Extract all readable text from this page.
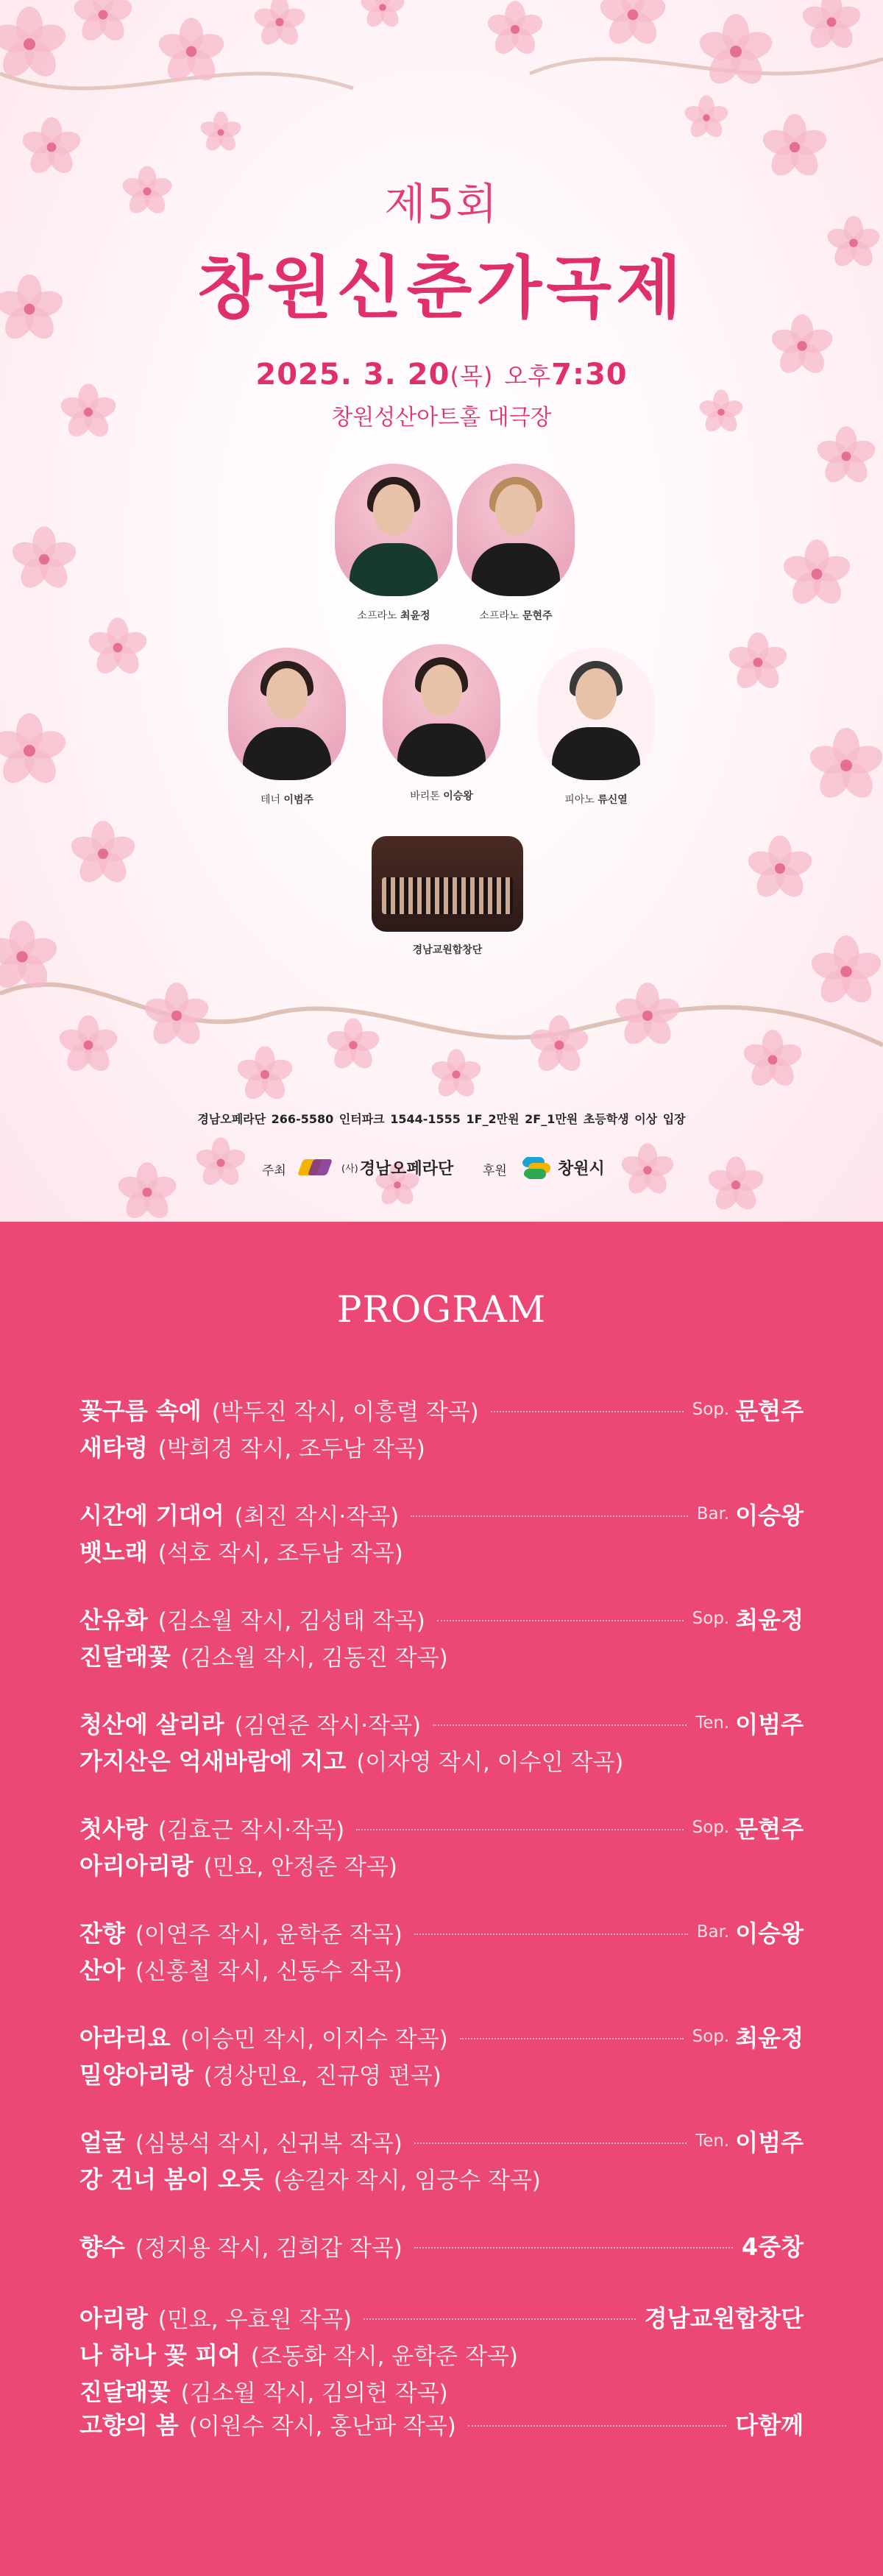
제5회
창원신춘가곡제
2025. 3. 20(목) 오후7:30
창원성산아트홀 대극장
소프라노 최윤정	소프라노 문현주
테너 이범주	바리톤 이승왕	피아노 류신열
경남교원합창단
경남오페라단 266-5580 인터파크 1544-1555 1F_2만원 2F_1만원 초등학생 이상 입장
주최	(사) 경남오페라단 후원	창원시
PROGRAM
꽃구름 속에 (박두진 작시, 이흥렬 작곡)	Sop. 문현주
새타령 (박희경 작시, 조두남 작곡)
시간에 기대어 (최진 작시·작곡)	Bar. 이승왕
뱃노래 (석호 작시, 조두남 작곡)
산유화 (김소월 작시, 김성태 작곡)	Sop. 최윤정
진달래꽃 (김소월 작시, 김동진 작곡)
청산에 살리라 (김연준 작시·작곡)	Ten. 이범주
가지산은 억새바람에 지고 (이자영 작시, 이수인 작곡)
첫사랑 (김효근 작시·작곡)	Sop. 문현주
아리아리랑 (민요, 안정준 작곡)
잔향 (이연주 작시, 윤학준 작곡)	Bar. 이승왕
산아 (신홍철 작시, 신동수 작곡)
아라리요 (이승민 작시, 이지수 작곡)	Sop. 최윤정
밀양아리랑 (경상민요, 진규영 편곡)
얼굴 (심봉석 작시, 신귀복 작곡)	Ten. 이범주
강 건너 봄이 오듯 (송길자 작시, 임긍수 작곡)
향수 (정지용 작시, 김희갑 작곡)	4중창
아리랑 (민요, 우효원 작곡)	경남교원합창단
나 하나 꽃 피어 (조동화 작시, 윤학준 작곡)
진달래꽃 (김소월 작시, 김의헌 작곡)
고향의 봄 (이원수 작시, 홍난파 작곡)	다함께
